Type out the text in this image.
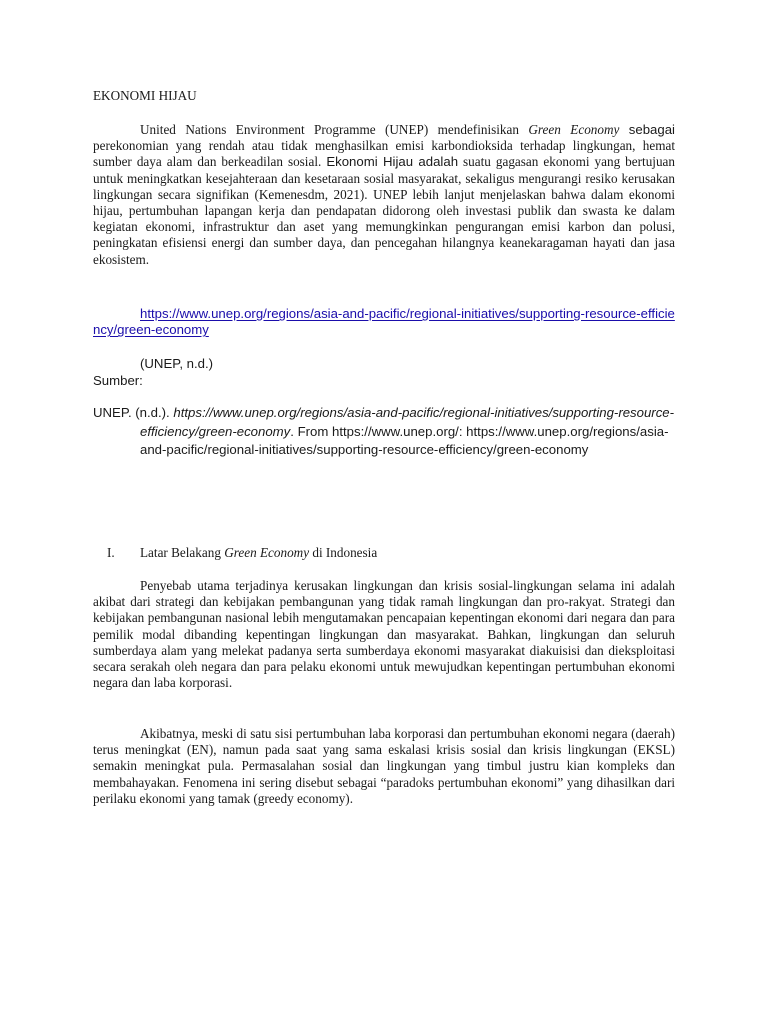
EKONOMI HIJAU

United Nations Environment Programme (UNEP) mendefinisikan Green Economy sebagai perekonomian yang rendah atau tidak menghasilkan emisi karbondioksida terhadap lingkungan, hemat sumber daya alam dan berkeadilan sosial. Ekonomi Hijau adalah suatu gagasan ekonomi yang bertujuan untuk meningkatkan kesejahteraan dan kesetaraan sosial masyarakat, sekaligus mengurangi resiko kerusakan lingkungan secara signifikan (Kemenesdm, 2021). UNEP lebih lanjut menjelaskan bahwa dalam ekonomi hijau, pertumbuhan lapangan kerja dan pendapatan didorong oleh investasi publik dan swasta ke dalam kegiatan ekonomi, infrastruktur dan aset yang memungkinkan pengurangan emisi karbon dan polusi, peningkatan efisiensi energi dan sumber daya, dan pencegahan hilangnya keanekaragaman hayati dan jasa ekosistem.

https://www.unep.org/regions/asia-and-pacific/regional-initiatives/supporting-resource-efficiency/green-economy

(UNEP, n.d.)

Sumber:

UNEP. (n.d.). https://www.unep.org/regions/asia-and-pacific/regional-initiatives/supporting-resource-efficiency/green-economy. From https://www.unep.org/: https://www.unep.org/regions/asia-and-pacific/regional-initiatives/supporting-resource-efficiency/green-economy

I.	Latar Belakang Green Economy di Indonesia

Penyebab utama terjadinya kerusakan lingkungan dan krisis sosial-lingkungan selama ini adalah akibat dari strategi dan kebijakan pembangunan yang tidak ramah lingkungan dan pro-rakyat. Strategi dan kebijakan pembangunan nasional lebih mengutamakan pencapaian kepentingan ekonomi dari negara dan para pemilik modal dibanding kepentingan lingkungan dan masyarakat. Bahkan, lingkungan dan seluruh sumberdaya alam yang melekat padanya serta sumberdaya ekonomi masyarakat diakuisisi dan dieksploitasi secara serakah oleh negara dan para pelaku ekonomi untuk mewujudkan kepentingan pertumbuhan ekonomi negara dan laba korporasi.

Akibatnya, meski di satu sisi pertumbuhan laba korporasi dan pertumbuhan ekonomi negara (daerah) terus meningkat (EN), namun pada saat yang sama eskalasi krisis sosial dan krisis lingkungan (EKSL) semakin meningkat pula. Permasalahan sosial dan lingkungan yang timbul justru kian kompleks dan membahayakan. Fenomena ini sering disebut sebagai “paradoks pertumbuhan ekonomi” yang dihasilkan dari perilaku ekonomi yang tamak (greedy economy).
